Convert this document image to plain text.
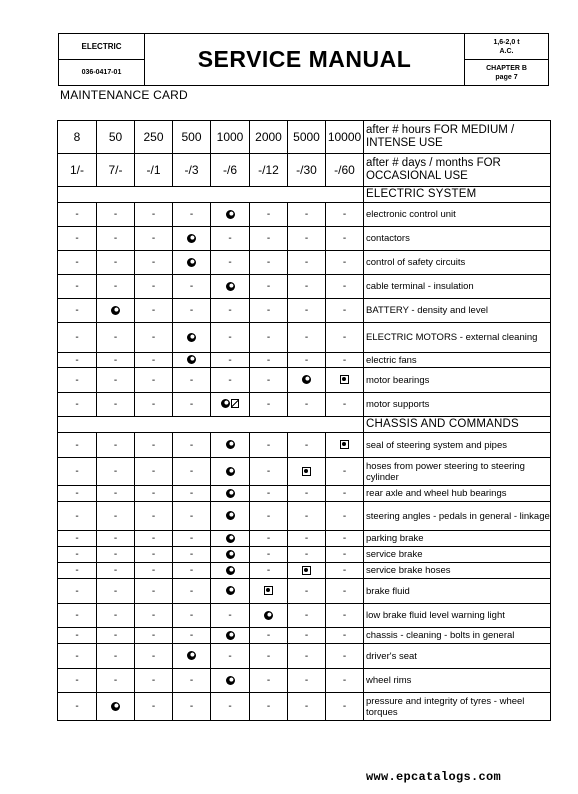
ELECTRIC
036-0417-01
SERVICE MANUAL
1,6-2,0 t
A.C.
CHAPTER B
page 7
MAINTENANCE CARD
8	50	250	500	1000	2000	5000	10000	after # hours FOR MEDIUM / INTENSE USE
1/-	7/-	-/1	-/3	-/6	-/12	-/30	-/60	after # days / months FOR OCCASIONAL USE
								ELECTRIC SYSTEM
-	-	-	-		-	-	-	electronic control unit
-	-	-		-	-	-	-	contactors
-	-	-		-	-	-	-	control of safety circuits
-	-	-	-		-	-	-	cable terminal - insulation
-		-	-	-	-	-	-	BATTERY - density and level
-	-	-		-	-	-	-	ELECTRIC MOTORS - external cleaning
-	-	-		-	-	-	-	electric fans
-	-	-	-	-	-			motor bearings
-	-	-	-		-	-	-	motor supports
								CHASSIS AND COMMANDS
-	-	-	-		-	-		seal of steering system and pipes
-	-	-	-		-		-	hoses from power steering to steering cylinder
-	-	-	-		-	-	-	rear axle and wheel hub bearings
-	-	-	-		-	-	-	steering angles - pedals in general - linkage
-	-	-	-		-	-	-	parking brake
-	-	-	-		-	-	-	service brake
-	-	-	-		-		-	service brake hoses
-	-	-	-			-	-	brake fluid
-	-	-	-	-		-	-	low brake fluid level warning light
-	-	-	-		-	-	-	chassis - cleaning - bolts in general
-	-	-		-	-	-	-	driver's seat
-	-	-	-		-	-	-	wheel rims
-		-	-	-	-	-	-	pressure and integrity of tyres - wheel torques
www.epcatalogs.com
